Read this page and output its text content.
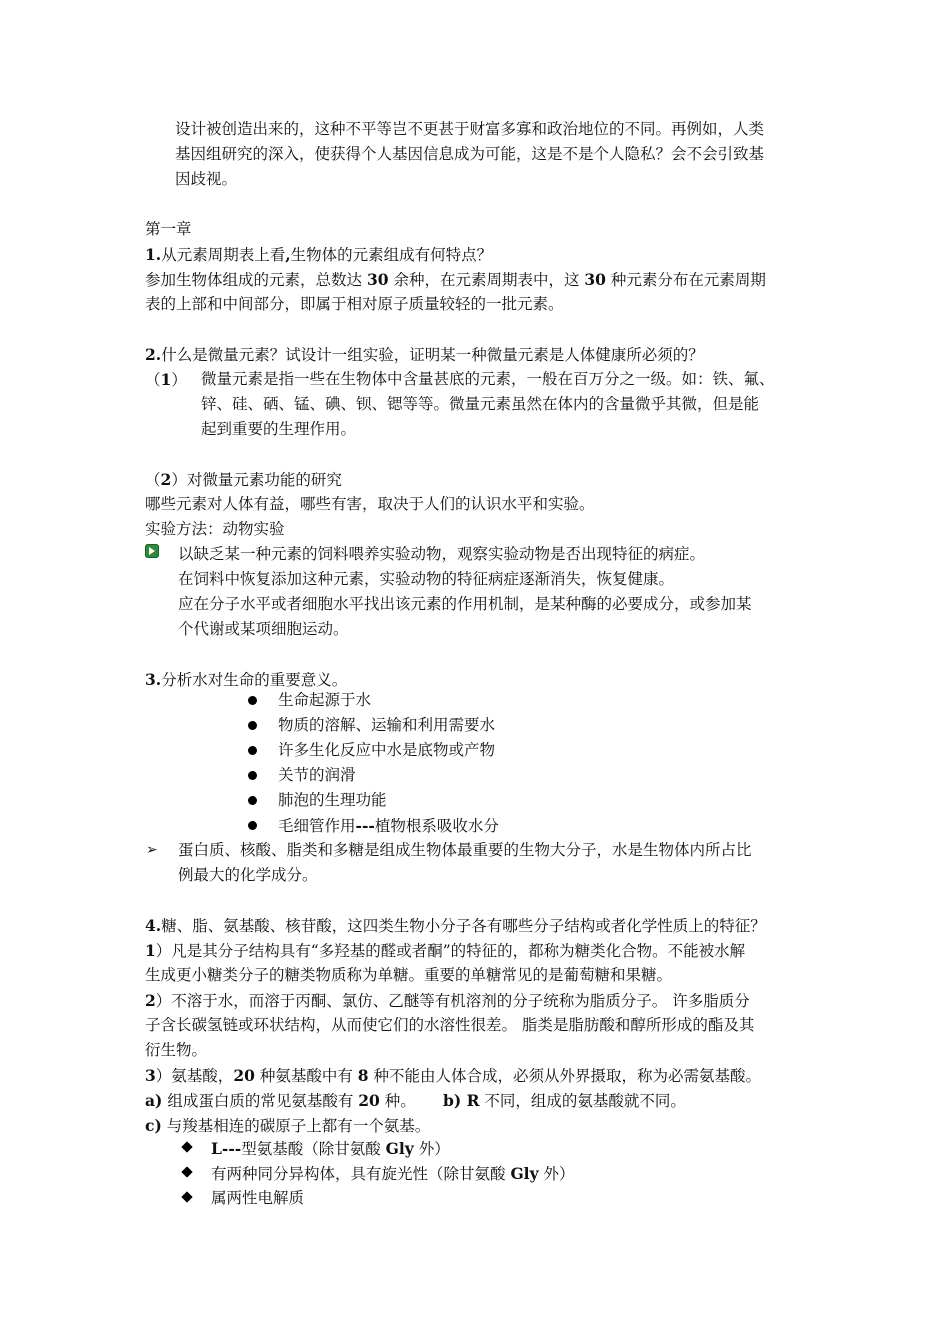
设计被创造出来的，这种不平等岂不更甚于财富多寡和政治地位的不同。再例如，人类
基因组研究的深入，使获得个人基因信息成为可能，这是不是个人隐私？会不会引致基
因歧视。
第一章
1.从元素周期表上看,生物体的元素组成有何特点？
参加生物体组成的元素，总数达 30 余种，在元素周期表中，这 30 种元素分布在元素周期
表的上部和中间部分，即属于相对原子质量较轻的一批元素。
2.什么是微量元素？试设计一组实验，证明某一种微量元素是人体健康所必须的？
（1） 微量元素是指一些在生物体中含量甚底的元素，一般在百万分之一级。如：铁、氟、
锌、硅、硒、锰、碘、钡、锶等等。微量元素虽然在体内的含量微乎其微，但是能
起到重要的生理作用。
（2）对微量元素功能的研究
哪些元素对人体有益，哪些有害，取决于人们的认识水平和实验。
实验方法：动物实验
以缺乏某一种元素的饲料喂养实验动物，观察实验动物是否出现特征的病症。
在饲料中恢复添加这种元素，实验动物的特征病症逐渐消失，恢复健康。
应在分子水平或者细胞水平找出该元素的作用机制，是某种酶的必要成分，或参加某
个代谢或某项细胞运动。
3.分析水对生命的重要意义。
生命起源于水
物质的溶解、运输和利用需要水
许多生化反应中水是底物或产物
关节的润滑
肺泡的生理功能
毛细管作用---植物根系吸收水分
➢ 蛋白质、核酸、脂类和多糖是组成生物体最重要的生物大分子，水是生物体内所占比
例最大的化学成分。
4.糖、脂、氨基酸、核苷酸，这四类生物小分子各有哪些分子结构或者化学性质上的特征？
1）凡是其分子结构具有“多羟基的醛或者酮”的特征的，都称为糖类化合物。不能被水解
生成更小糖类分子的糖类物质称为单糖。重要的单糖常见的是葡萄糖和果糖。
2）不溶于水，而溶于丙酮、氯仿、乙醚等有机溶剂的分子统称为脂质分子。 许多脂质分
子含长碳氢链或环状结构，从而使它们的水溶性很差。 脂类是脂肪酸和醇所形成的酯及其
衍生物。
3）氨基酸，20 种氨基酸中有 8 种不能由人体合成，必须从外界摄取，称为必需氨基酸。
a) 组成蛋白质的常见氨基酸有 20 种。 b) R 不同，组成的氨基酸就不同。
c) 与羧基相连的碳原子上都有一个氨基。
L---型氨基酸（除甘氨酸 Gly 外）
有两种同分异构体，具有旋光性（除甘氨酸 Gly 外）
属两性电解质
